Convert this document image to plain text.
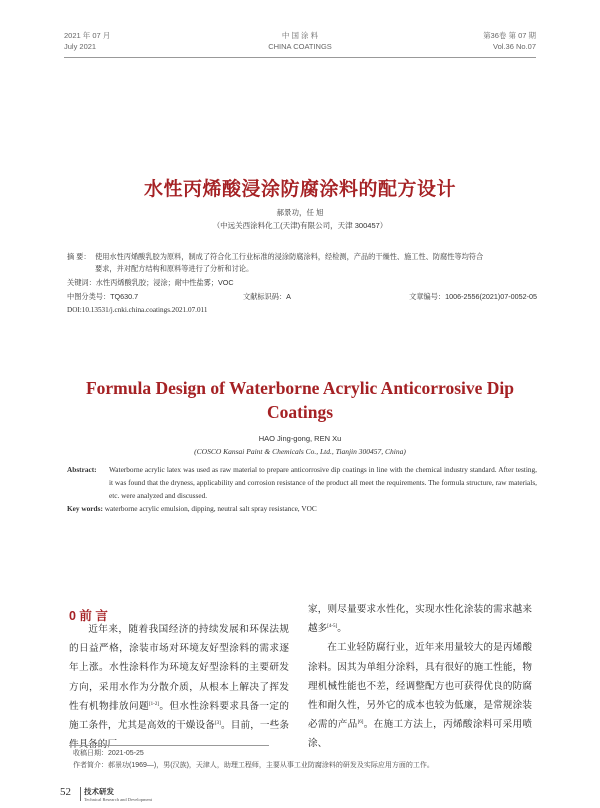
2021 年 07 月
July 2021
中 国 涂 料
CHINA COATINGS
第36卷 第 07 期
Vol.36 No.07
水性丙烯酸浸涂防腐涂料的配方设计
郝景功，任 旭
（中远关西涂料化工(天津)有限公司，天津 300457）
摘 要： 使用水性丙烯酸乳胶为原料，制成了符合化工行业标准的浸涂防腐涂料，经检测，产品的干燥性、施工性、防腐性等均符合
要求，并对配方结构和原料等进行了分析和讨论。
关键词：水性丙烯酸乳胶；浸涂；耐中性盐雾；VOC
中图分类号：TQ630.7	文献标识码：A	文章编号：1006-2556(2021)07-0052-05
DOI:10.13531/j.cnki.china.coatings.2021.07.011
Formula Design of Waterborne Acrylic Anticorrosive Dip Coatings
HAO Jing-gong, REN Xu
(COSCO Kansai Paint & Chemicals Co., Ltd., Tianjin 300457, China)
Abstract: Waterborne acrylic latex was used as raw material to prepare anticorrosive dip coatings in line with the chemical industry standard. After testing, it was found that the dryness, applicability and corrosion resistance of the product all meet the requirements. The formula structure, raw materials, etc. were analyzed and discussed.
Key words: waterborne acrylic emulsion, dipping, neutral salt spray resistance, VOC
0 前 言

近年来，随着我国经济的持续发展和环保法规的日益严格，涂装市场对环境友好型涂料的需求逐年上涨。水性涂料作为环境友好型涂料的主要研发方向，采用水作为分散介质，从根本上解决了挥发性有机物排放问题[1-2]。但水性涂料要求具备一定的施工条件，尤其是高效的干燥设备[3]。目前，一些条件具备的厂

家，则尽量要求水性化，实现水性化涂装的需求越来越多[4-5]。

在工业轻防腐行业，近年来用量较大的是丙烯酸涂料。因其为单组分涂料，具有很好的施工性能，物理机械性能也不差，经调整配方也可获得优良的防腐性和耐久性，另外它的成本也较为低廉，是常规涂装必需的产品[6]。在施工方法上，丙烯酸涂料可采用喷涂、

收稿日期：2021-05-25
作者简介：郝景功(1969—)，男(汉族)，天津人，助理工程师，主要从事工业防腐涂料的研发及实际应用方面的工作。
52 技术研发
Technical Research and Development
